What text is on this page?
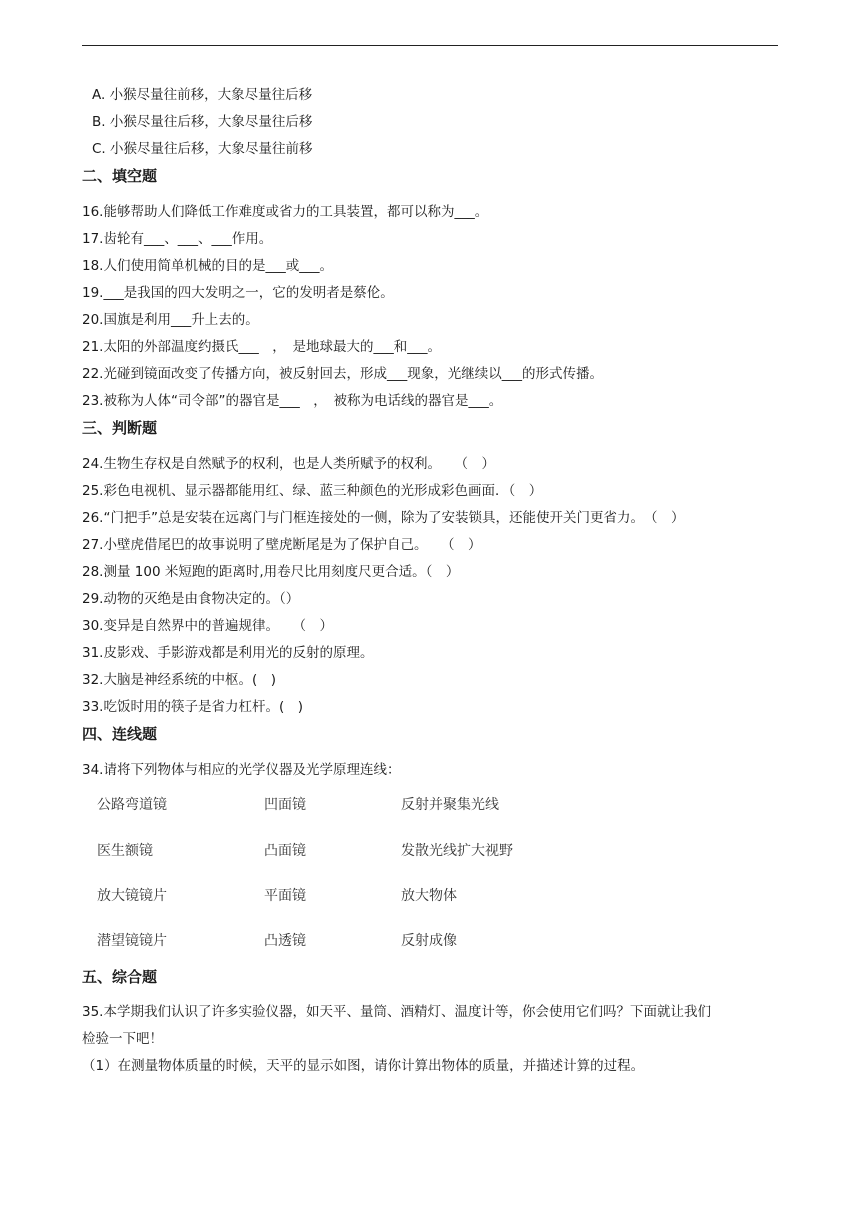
A. 小猴尽量往前移，大象尽量往后移
B. 小猴尽量往后移，大象尽量往后移
C. 小猴尽量往后移，大象尽量往前移
二、填空题
16.能够帮助人们降低工作难度或省力的工具装置，都可以称为___。
17.齿轮有___、___、___作用。
18.人们使用简单机械的目的是___或___。
19.___是我国的四大发明之一，它的发明者是蔡伦。
20.国旗是利用___升上去的。
21.太阳的外部温度约摄氏___　，　是地球最大的___和___。
22.光碰到镜面改变了传播方向，被反射回去，形成___现象，光继续以___的形式传播。
23.被称为人体“司令部”的器官是___　，　被称为电话线的器官是___。
三、判断题
24.生物生存权是自然赋予的权利，也是人类所赋予的权利。　　（　）
25.彩色电视机、显示器都能用红、绿、蓝三种颜色的光形成彩色画面．（　）
26.“门把手”总是安装在远离门与门框连接处的一侧，除为了安装锁具，还能使开关门更省力。　（　）
27.小壁虎借尾巴的故事说明了壁虎断尾是为了保护自己。　　（　）
28.测量 100 米短跑的距离时,用卷尺比用刻度尺更合适。（　）
29.动物的灭绝是由食物决定的。（）
30.变异是自然界中的普遍规律。　　（　）
31.皮影戏、手影游戏都是利用光的反射的原理。
32.大脑是神经系统的中枢。(　)
33.吃饭时用的筷子是省力杠杆。(　)
四、连线题
34.请将下列物体与相应的光学仪器及光学原理连线：
公路弯道镜	凹面镜	反射并聚集光线
医生额镜	凸面镜	发散光线扩大视野
放大镜镜片	平面镜	放大物体
潜望镜镜片	凸透镜	反射成像
五、综合题
35.本学期我们认识了许多实验仪器，如天平、量筒、酒精灯、温度计等，你会使用它们吗？下面就让我们
检验一下吧！
（1）在测量物体质量的时候，天平的显示如图，请你计算出物体的质量，并描述计算的过程。
